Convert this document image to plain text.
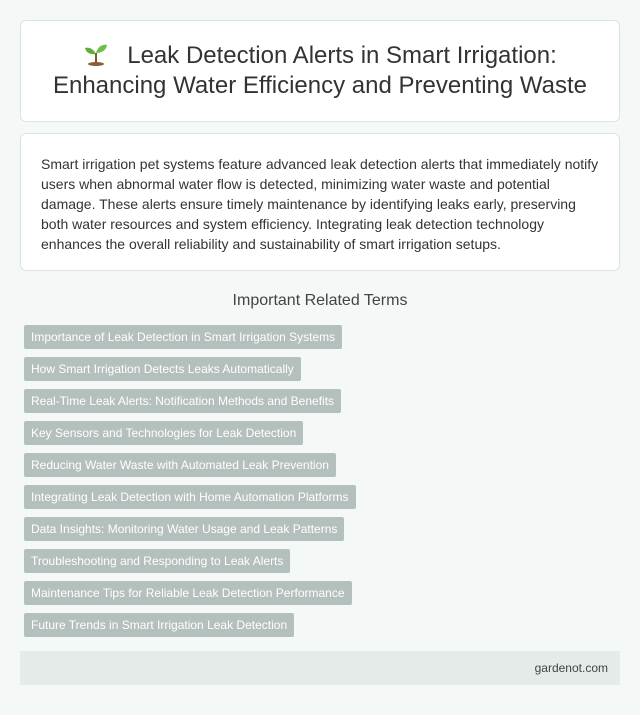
Leak Detection Alerts in Smart Irrigation: Enhancing Water Efficiency and Preventing Waste

Smart irrigation pet systems feature advanced leak detection alerts that immediately notify users when abnormal water flow is detected, minimizing water waste and potential damage. These alerts ensure timely maintenance by identifying leaks early, preserving both water resources and system efficiency. Integrating leak detection technology enhances the overall reliability and sustainability of smart irrigation setups.

Important Related Terms
Importance of Leak Detection in Smart Irrigation Systems
How Smart Irrigation Detects Leaks Automatically
Real-Time Leak Alerts: Notification Methods and Benefits
Key Sensors and Technologies for Leak Detection
Reducing Water Waste with Automated Leak Prevention
Integrating Leak Detection with Home Automation Platforms
Data Insights: Monitoring Water Usage and Leak Patterns
Troubleshooting and Responding to Leak Alerts
Maintenance Tips for Reliable Leak Detection Performance
Future Trends in Smart Irrigation Leak Detection
gardenot.com
